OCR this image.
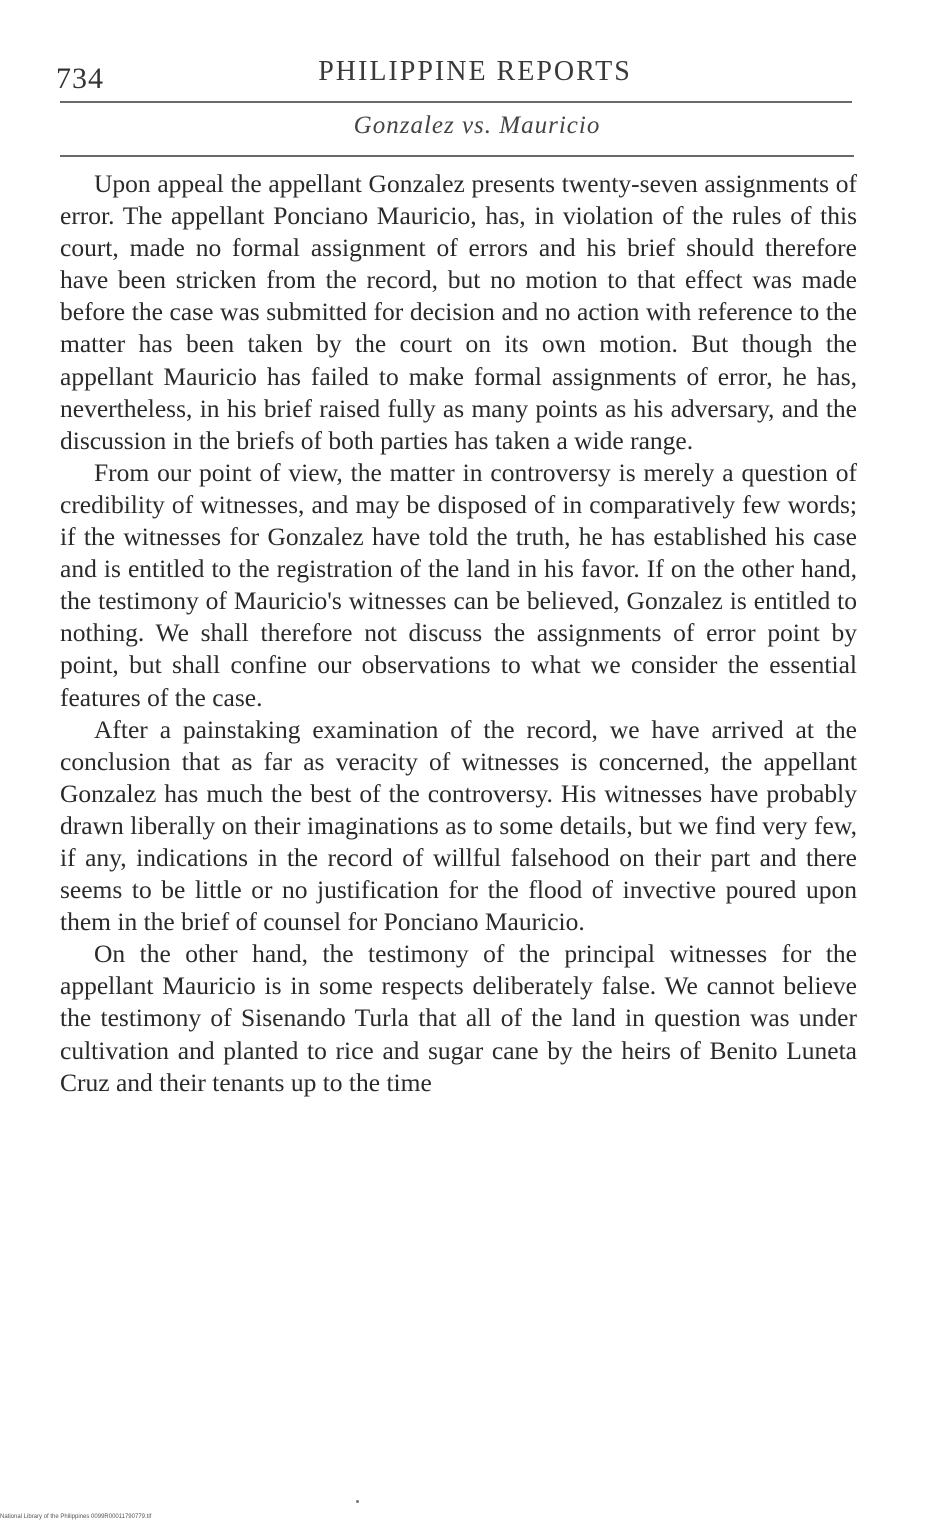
734	PHILIPPINE REPORTS
Gonzalez vs. Mauricio

Upon appeal the appellant Gonzalez presents twenty-seven assignments of error. The appellant Ponciano Mauricio, has, in violation of the rules of this court, made no formal assignment of errors and his brief should therefore have been stricken from the record, but no motion to that effect was made before the case was submitted for decision and no action with reference to the matter has been taken by the court on its own motion. But though the appellant Mauricio has failed to make formal assignments of error, he has, nevertheless, in his brief raised fully as many points as his adversary, and the discussion in the briefs of both parties has taken a wide range.

From our point of view, the matter in controversy is merely a question of credibility of witnesses, and may be disposed of in comparatively few words; if the witnesses for Gonzalez have told the truth, he has established his case and is entitled to the registration of the land in his favor. If on the other hand, the testimony of Mauricio's witnesses can be believed, Gonzalez is entitled to nothing. We shall therefore not discuss the assignments of error point by point, but shall confine our observations to what we consider the essential features of the case.

After a painstaking examination of the record, we have arrived at the conclusion that as far as veracity of witnesses is concerned, the appellant Gonzalez has much the best of the controversy. His witnesses have probably drawn liberally on their imaginations as to some details, but we find very few, if any, indications in the record of willful falsehood on their part and there seems to be little or no justification for the flood of invective poured upon them in the brief of counsel for Ponciano Mauricio.

On the other hand, the testimony of the principal witnesses for the appellant Mauricio is in some respects deliberately false. We cannot believe the testimony of Sisenando Turla that all of the land in question was under cultivation and planted to rice and sugar cane by the heirs of Benito Luneta Cruz and their tenants up to the time

National Library of the Philippines 0099R00011790779.tif
